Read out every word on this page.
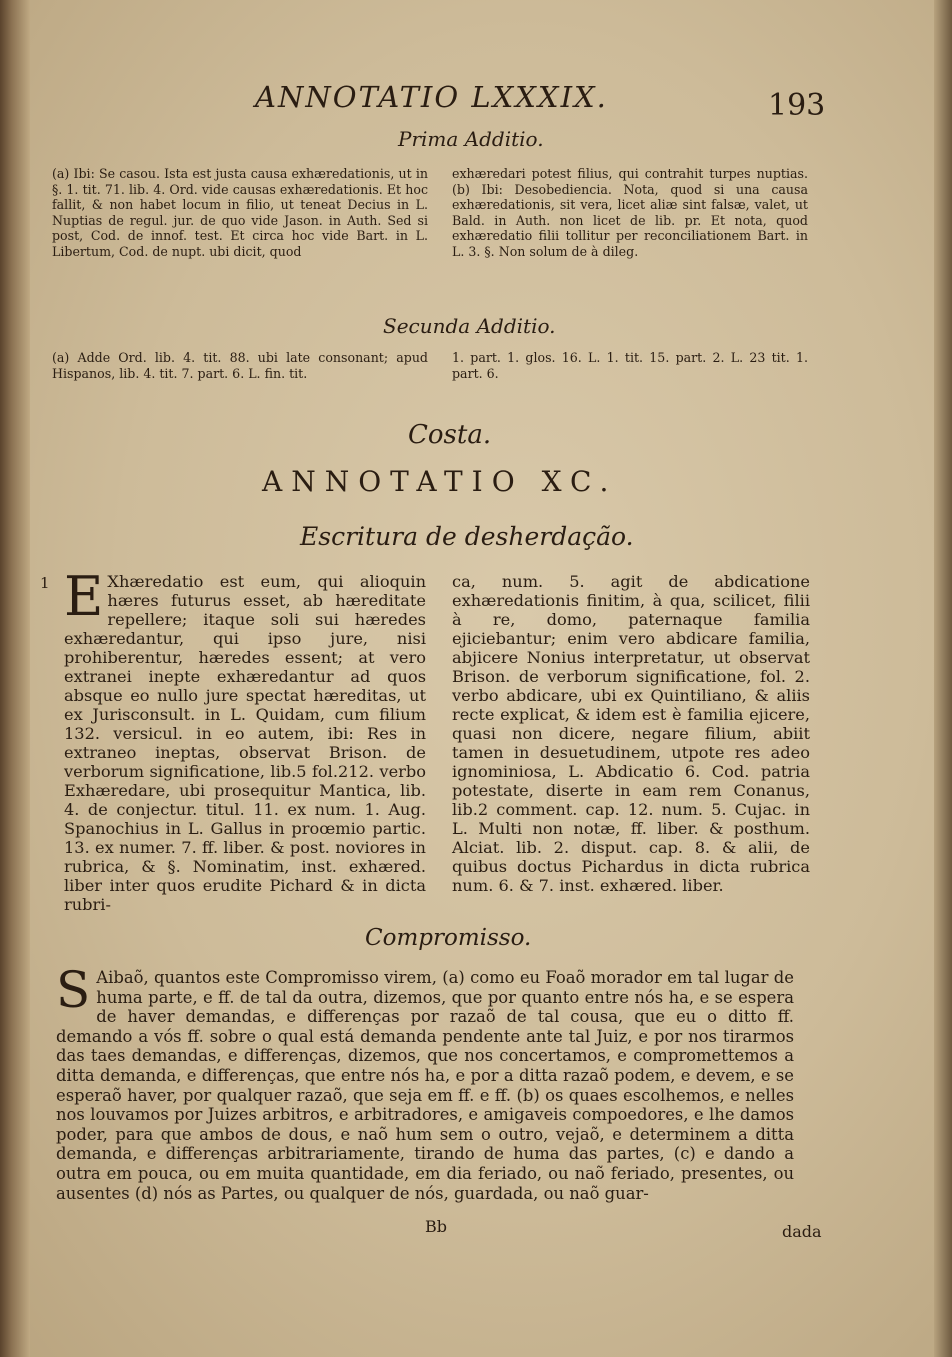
ANNOTATIO LXXXIX.	193
Prima Additio.

(a) Ibi: Se casou. Ista est justa causa exhæredationis, ut in §. 1. tit. 71. lib. 4. Ord. vide causas exhæredationis. Et hoc fallit, & non habet locum in filio, ut teneat Decius in L. Nuptias de regul. jur. de quo vide Jason. in Auth. Sed si post, Cod. de innof. test. Et circa hoc vide Bart. in L. Libertum, Cod. de nupt. ubi dicit, quod

exhæredari potest filius, qui contrahit turpes nuptias. (b) Ibi: Desobediencia. Nota, quod si una causa exhæredationis, sit vera, licet aliæ sint falsæ, valet, ut Bald. in Auth. non licet de lib. pr. Et nota, quod exhæredatio filii tollitur per reconciliationem Bart. in L. 3. §. Non solum de à dileg.

Secunda Additio.

(a) Adde Ord. lib. 4. tit. 88. ubi late consonant; apud Hispanos, lib. 4. tit. 7. part. 6. L. fin. tit.

1. part. 1. glos. 16. L. 1. tit. 15. part. 2. L. 23 tit. 1. part. 6.

Costa.
ANNOTATIO XC.
Escritura de desherdação.
1 E Xhæredatio est eum, qui alioquin hæres futurus esset, ab hæreditate repellere; itaque soli sui hæredes exhæredantur, qui ipso jure, nisi prohiberentur, hæredes essent; at vero extranei inepte exhæredantur ad quos absque eo nullo jure spectat hæreditas, ut ex Jurisconsult. in L. Quidam, cum filium 132. versicul. in eo autem, ibi: Res in extraneo ineptas, observat Brison. de verborum significatione, lib.5 fol.212. verbo Exhæredare, ubi prosequitur Mantica, lib. 4. de conjectur. titul. 11. ex num. 1. Aug. Spanochius in L. Gallus in proœmio partic. 13. ex numer. 7. ff. liber. & post. noviores in rubrica, & §. Nominatim, inst. exhæred. liber inter quos erudite Pichard & in dicta rubri-

ca, num. 5. agit de abdicatione exhæredationis finitim, à qua, scilicet, filii à re, domo, paternaque familia ejiciebantur; enim vero abdicare familia, abjicere Nonius interpretatur, ut observat Brison. de verborum significatione, fol. 2. verbo abdicare, ubi ex Quintiliano, & aliis recte explicat, & idem est è familia ejicere, quasi non dicere, negare filium, abiit tamen in desuetudinem, utpote res adeo ignominiosa, L. Abdicatio 6. Cod. patria potestate, diserte in eam rem Conanus, lib.2 comment. cap. 12. num. 5. Cujac. in L. Multi non notæ, ff. liber. & posthum. Alciat. lib. 2. disput. cap. 8. & alii, de quibus doctus Pichardus in dicta rubrica num. 6. & 7. inst. exhæred. liber.

Compromisso.
S Aibaõ, quantos este Compromisso virem, (a) como eu Foaõ morador em tal lugar de huma parte, e ff. de tal da outra, dizemos, que por quanto entre nós ha, e se espera de haver demandas, e differenças por razaõ de tal cousa, que eu o ditto ff. demando a vós ff. sobre o qual está demanda pendente ante tal Juiz, e por nos tirarmos das taes demandas, e differenças, dizemos, que nos concertamos, e compromettemos a ditta demanda, e differenças, que entre nós ha, e por a ditta razaõ podem, e devem, e se esperaõ haver, por qualquer razaõ, que seja em ff. e ff. (b) os quaes escolhemos, e nelles nos louvamos por Juizes arbitros, e arbitradores, e amigaveis compoedores, e lhe damos poder, para que ambos de dous, e naõ hum sem o outro, vejaõ, e determinem a ditta demanda, e differenças arbitrariamente, tirando de huma das partes, (c) e dando a outra em pouca, ou em muita quantidade, em dia feriado, ou naõ feriado, presentes, ou ausentes (d) nós as Partes, ou qualquer de nós, guardada, ou naõ guar-

Bb	dada
